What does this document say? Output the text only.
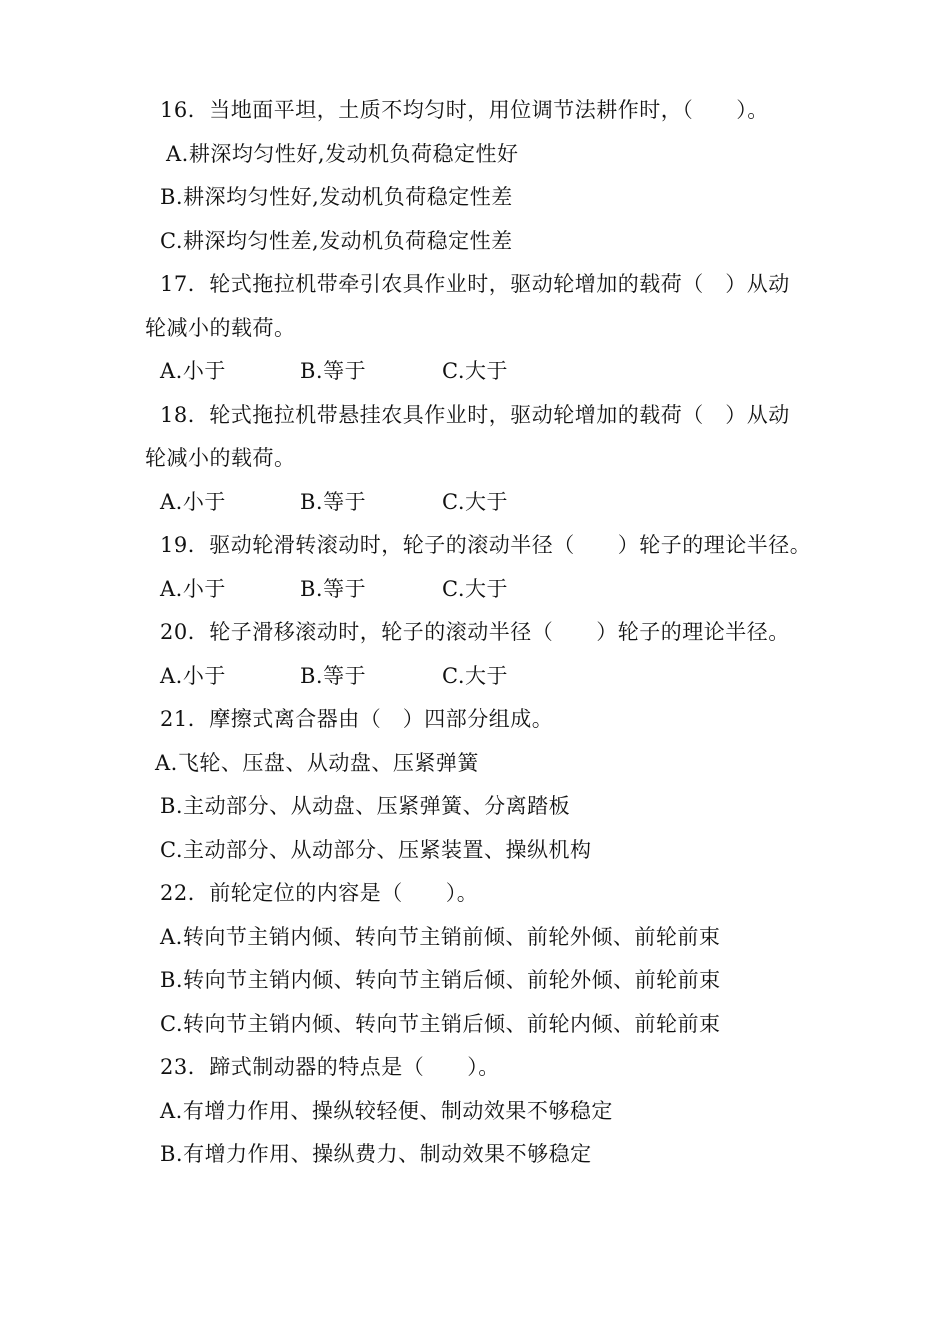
16．当地面平坦，土质不均匀时，用位调节法耕作时，（　　）。
A.耕深均匀性好,发动机负荷稳定性好
B.耕深均匀性好,发动机负荷稳定性差
C.耕深均匀性差,发动机负荷稳定性差
17．轮式拖拉机带牵引农具作业时，驱动轮增加的载荷（　）从动
轮减小的载荷。
A.小于	B.等于	C.大于
18．轮式拖拉机带悬挂农具作业时，驱动轮增加的载荷（　）从动
轮减小的载荷。
A.小于	B.等于	C.大于
19．驱动轮滑转滚动时，轮子的滚动半径（　　）轮子的理论半径。
A.小于	B.等于	C.大于
20．轮子滑移滚动时，轮子的滚动半径（　　）轮子的理论半径。
A.小于	B.等于	C.大于
21．摩擦式离合器由（　）四部分组成。
A.飞轮、压盘、从动盘、压紧弹簧
B.主动部分、从动盘、压紧弹簧、分离踏板
C.主动部分、从动部分、压紧装置、操纵机构
22．前轮定位的内容是（　　）。
A.转向节主销内倾、转向节主销前倾、前轮外倾、前轮前束
B.转向节主销内倾、转向节主销后倾、前轮外倾、前轮前束
C.转向节主销内倾、转向节主销后倾、前轮内倾、前轮前束
23．蹄式制动器的特点是（　　）。
A.有增力作用、操纵较轻便、制动效果不够稳定
B.有增力作用、操纵费力、制动效果不够稳定
